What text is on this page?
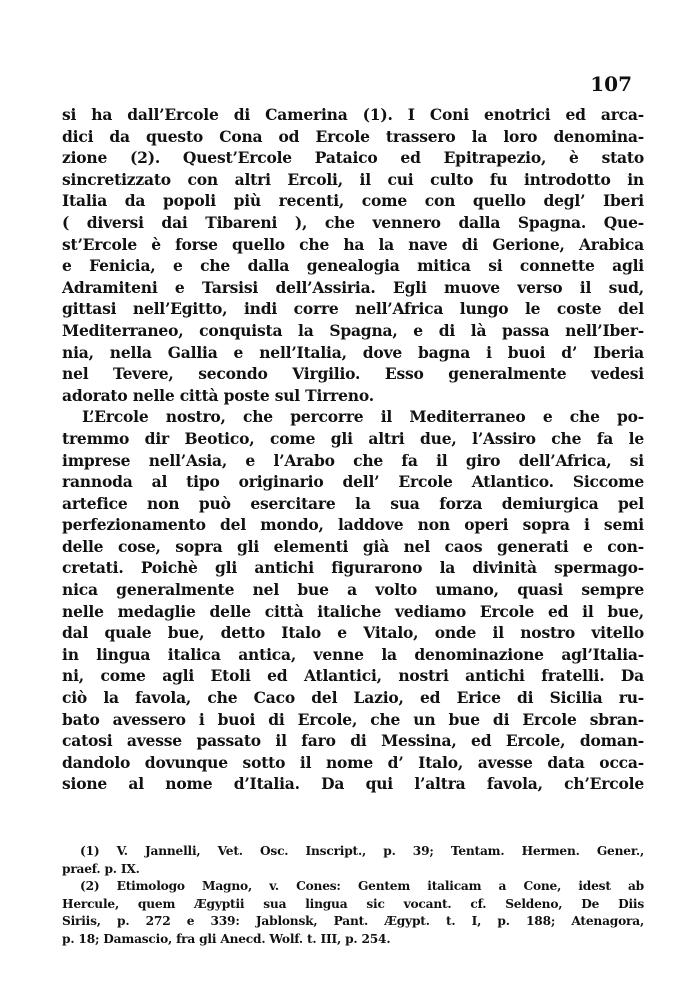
107
si ha dall’Ercole di Camerina (1). I Coni enotrici ed arca-
dici da questo Cona od Ercole trassero la loro denomina-
zione (2). Quest’Ercole Pataico ed Epitrapezio, è stato
sincretizzato con altri Ercoli, il cui culto fu introdotto in
Italia da popoli più recenti, come con quello degl’ Iberi
( diversi dai Tibareni ), che vennero dalla Spagna. Que-
st’Ercole è forse quello che ha la nave di Gerione, Arabica
e Fenicia, e che dalla genealogia mitica si connette agli
Adramiteni e Tarsisi dell’Assiria. Egli muove verso il sud,
gittasi nell’Egitto, indi corre nell’Africa lungo le coste del
Mediterraneo, conquista la Spagna, e di là passa nell’Iber-
nia, nella Gallia e nell’Italia, dove bagna i buoi d’ Iberia
nel Tevere, secondo Virgilio. Esso generalmente vedesi
adorato nelle città poste sul Tirreno.
L’Ercole nostro, che percorre il Mediterraneo e che po-
tremmo dir Beotico, come gli altri due, l’Assiro che fa le
imprese nell’Asia, e l’Arabo che fa il giro dell’Africa, si
rannoda al tipo originario dell’ Ercole Atlantico. Siccome
artefice non può esercitare la sua forza demiurgica pel
perfezionamento del mondo, laddove non operi sopra i semi
delle cose, sopra gli elementi già nel caos generati e con-
cretati. Poichè gli antichi figurarono la divinità spermago-
nica generalmente nel bue a volto umano, quasi sempre
nelle medaglie delle città italiche vediamo Ercole ed il bue,
dal quale bue, detto Italo e Vitalo, onde il nostro vitello
in lingua italica antica, venne la denominazione agl’Italia-
ni, come agli Etoli ed Atlantici, nostri antichi fratelli. Da
ciò la favola, che Caco del Lazio, ed Erice di Sicilia ru-
bato avessero i buoi di Ercole, che un bue di Ercole sbran-
catosi avesse passato il faro di Messina, ed Ercole, doman-
dandolo dovunque sotto il nome d’ Italo, avesse data occa-
sione al nome d’Italia. Da qui l’altra favola, ch’Ercole
(1) V. Jannelli, Vet. Osc. Inscript., p. 39; Tentam. Hermen. Gener.,
praef. p. IX.
(2) Etimologo Magno, v. Cones: Gentem italicam a Cone, idest ab
Hercule, quem Ægyptii sua lingua sic vocant. cf. Seldeno, De Diis
Siriis, p. 272 e 339: Jablonsk, Pant. Ægypt. t. I, p. 188; Atenagora,
p. 18; Damascio, fra gli Anecd. Wolf. t. III, p. 254.
